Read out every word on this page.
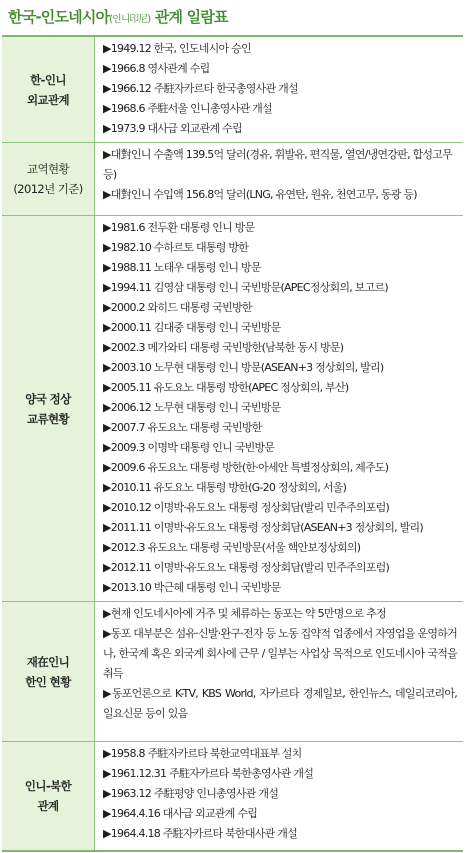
한국-인도네시아(인니印尼) 관계 일람표
한-인니
외교관계
▶1949.12 한국, 인도네시아 승인
▶1966.8 영사관계 수립
▶1966.12 주駐자카르타 한국총영사관 개설
▶1968.6 주駐서울 인니총영사관 개설
▶1973.9 대사급 외교관계 수립
교역현황
(2012년 기준)
▶대對인니 수출액 139.5억 달러(경유, 휘발유, 편직물, 열연/냉연강판, 합성고무 등)
▶대對인니 수입액 156.8억 달러(LNG, 유연탄, 원유, 천연고무, 동광 등)
양국 정상
교류현황
▶1981.6 전두환 대통령 인니 방문
▶1982.10 수하르토 대통령 방한
▶1988.11 노태우 대통령 인니 방문
▶1994.11 김영삼 대통령 인니 국빈방문(APEC정상회의, 보고르)
▶2000.2 와히드 대통령 국빈방한
▶2000.11 김대중 대통령 인니 국빈방문
▶2002.3 메가와티 대통령 국빈방한(남북한 동시 방문)
▶2003.10 노무현 대통령 인니 방문(ASEAN+3 정상회의, 발리)
▶2005.11 유도요노 대통령 방한(APEC 정상회의, 부산)
▶2006.12 노무현 대통령 인니 국빈방문
▶2007.7 유도요노 대통령 국빈방한
▶2009.3 이명박 대통령 인니 국빈방문
▶2009.6 유도요노 대통령 방한(한·아세안 특별정상회의, 제주도)
▶2010.11 유도요노 대통령 방한(G-20 정상회의, 서울)
▶2010.12 이명박·유도요노 대통령 정상회담(발리 민주주의포럼)
▶2011.11 이명박·유도요노 대통령 정상회담(ASEAN+3 정상회의, 발리)
▶2012.3 유도요노 대통령 국빈방문(서울 핵안보정상회의)
▶2012.11 이명박·유도요노 대통령 정상회담(발리 민주주의포럼)
▶2013.10 박근혜 대통령 인니 국빈방문
재在인니
한인 현황
▶현재 인도네시아에 거주 및 체류하는 동포는 약 5만명으로 추정
▶동포 대부분은 섬유·신발·완구·전자 등 노동 집약적 업종에서 자영업을 운영하거나, 한국계 혹은 외국계 회사에 근무 / 일부는 사업상 목적으로 인도네시아 국적을 취득
▶동포언론으로 K-TV, KBS World, 자카르타 경제일보, 한인뉴스, 데일리코리아, 일요신문 등이 있음
인니-북한
관계
▶1958.8 주駐자카르타 북한교역대표부 설치
▶1961.12.31 주駐자카르타 북한총영사관 개설
▶1963.12 주駐평양 인니총영사관 개설
▶1964.4.16 대사급 외교관계 수립
▶1964.4.18 주駐자카르타 북한대사관 개설
